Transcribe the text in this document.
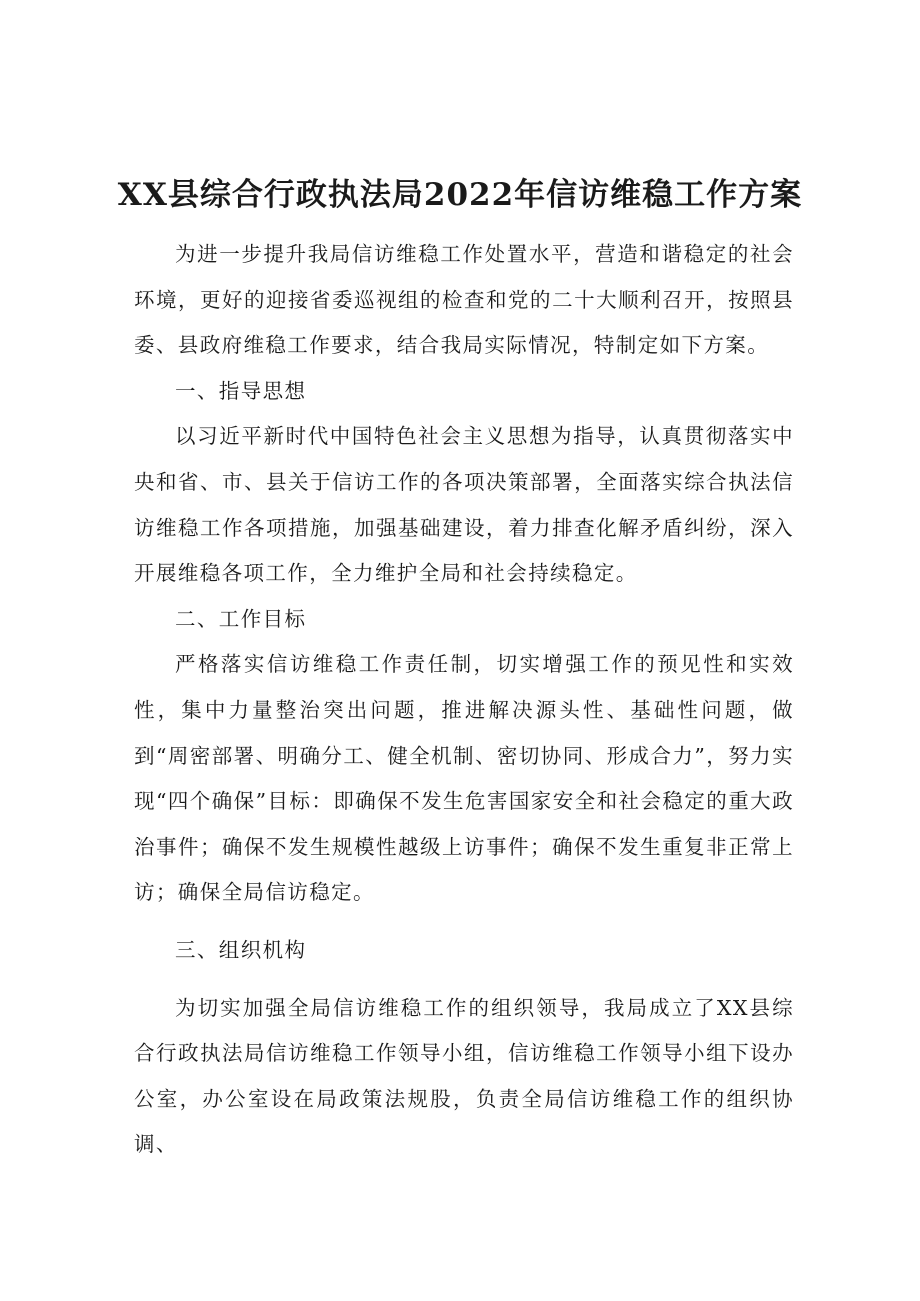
XX县综合行政执法局2022年信访维稳工作方案

为进一步提升我局信访维稳工作处置水平，营造和谐稳定的社会环境，更好的迎接省委巡视组的检查和党的二十大顺利召开，按照县委、县政府维稳工作要求，结合我局实际情况，特制定如下方案。

一、指导思想

以习近平新时代中国特色社会主义思想为指导，认真贯彻落实中央和省、市、县关于信访工作的各项决策部署，全面落实综合执法信访维稳工作各项措施，加强基础建设，着力排查化解矛盾纠纷，深入开展维稳各项工作，全力维护全局和社会持续稳定。

二、工作目标

严格落实信访维稳工作责任制，切实增强工作的预见性和实效性，集中力量整治突出问题，推进解决源头性、基础性问题，做到“周密部署、明确分工、健全机制、密切协同、形成合力”，努力实现“四个确保”目标：即确保不发生危害国家安全和社会稳定的重大政治事件；确保不发生规模性越级上访事件；确保不发生重复非正常上访；确保全局信访稳定。

三、组织机构

为切实加强全局信访维稳工作的组织领导，我局成立了XX县综合行政执法局信访维稳工作领导小组，信访维稳工作领导小组下设办公室，办公室设在局政策法规股，负责全局信访维稳工作的组织协调、
